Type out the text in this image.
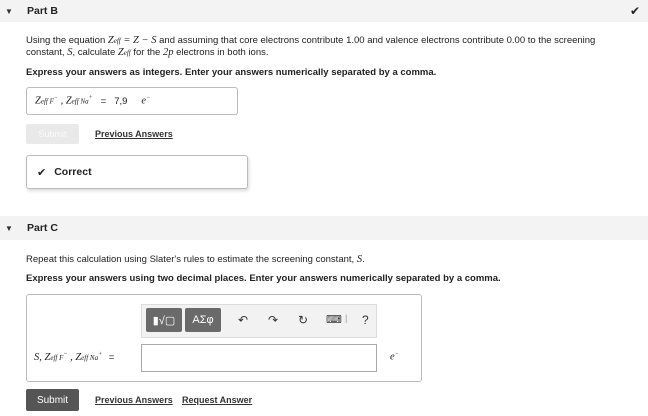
▼ Part B	✔
Using the equation Zeff = Z − S and assuming that core electrons contribute 1.00 and valence electrons contribute 0.00 to the screening
constant, S, calculate Zeff for the 2p electrons in both ions.
Express your answers as integers. Enter your answers numerically separated by a comma.
Zeff F− , Zeff Na+ = 7,9 e−
Submit	Previous Answers
✔ Correct
▼ Part C
Repeat this calculation using Slater's rules to estimate the screening constant, S.
Express your answers using two decimal places. Enter your answers numerically separated by a comma.
▮√▢	ΑΣφ	↶ ↷ ↻ ⌨ | ?
S, Zeff F− , Zeff Na+ =	e−
Submit	Previous Answers Request Answer
